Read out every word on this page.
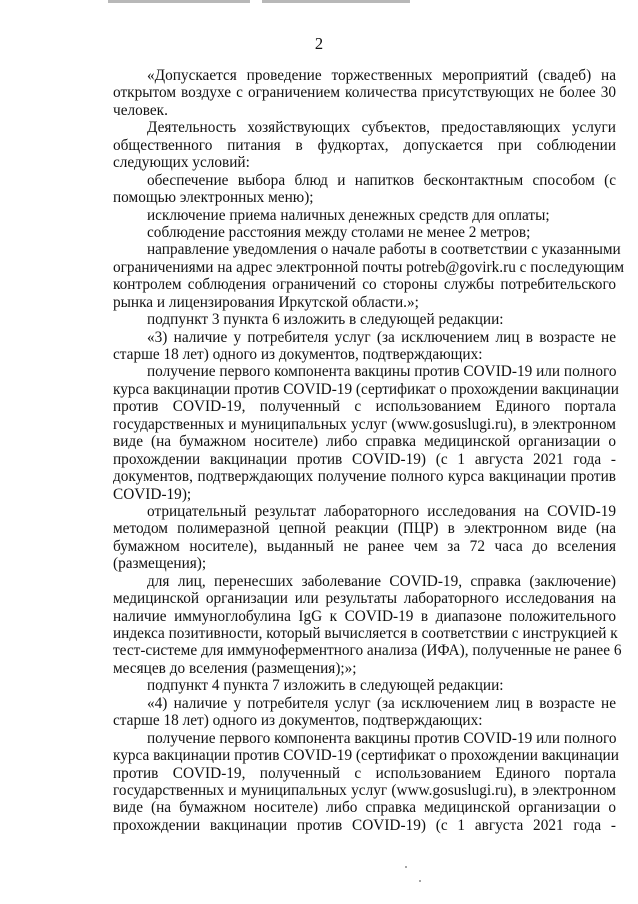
2
«Допускается проведение торжественных мероприятий (свадеб) на
открытом воздухе с ограничением количества присутствующих не более 30
человек.
Деятельность хозяйствующих субъектов, предоставляющих услуги
общественного питания в фудкортах, допускается при соблюдении
следующих условий:
обеспечение выбора блюд и напитков бесконтактным способом (с
помощью электронных меню);
исключение приема наличных денежных средств для оплаты;
соблюдение расстояния между столами не менее 2 метров;
направление уведомления о начале работы в соответствии с указанными
ограничениями на адрес электронной почты potreb@govirk.ru с последующим
контролем соблюдения ограничений со стороны службы потребительского
рынка и лицензирования Иркутской области.»;
подпункт 3 пункта 6 изложить в следующей редакции:
«3) наличие у потребителя услуг (за исключением лиц в возрасте не
старше 18 лет) одного из документов, подтверждающих:
получение первого компонента вакцины против COVID-19 или полного
курса вакцинации против COVID-19 (сертификат о прохождении вакцинации
против COVID-19, полученный с использованием Единого портала
государственных и муниципальных услуг (www.gosuslugi.ru), в электронном
виде (на бумажном носителе) либо справка медицинской организации о
прохождении вакцинации против COVID-19) (с 1 августа 2021 года -
документов, подтверждающих получение полного курса вакцинации против
COVID-19);
отрицательный результат лабораторного исследования на COVID-19
методом полимеразной цепной реакции (ПЦР) в электронном виде (на
бумажном носителе), выданный не ранее чем за 72 часа до вселения
(размещения);
для лиц, перенесших заболевание COVID-19, справка (заключение)
медицинской организации или результаты лабораторного исследования на
наличие иммуноглобулина IgG к COVID-19 в диапазоне положительного
индекса позитивности, который вычисляется в соответствии с инструкцией к
тест-системе для иммуноферментного анализа (ИФА), полученные не ранее 6
месяцев до вселения (размещения);»;
подпункт 4 пункта 7 изложить в следующей редакции:
«4) наличие у потребителя услуг (за исключением лиц в возрасте не
старше 18 лет) одного из документов, подтверждающих:
получение первого компонента вакцины против COVID-19 или полного
курса вакцинации против COVID-19 (сертификат о прохождении вакцинации
против COVID-19, полученный с использованием Единого портала
государственных и муниципальных услуг (www.gosuslugi.ru), в электронном
виде (на бумажном носителе) либо справка медицинской организации о
прохождении вакцинации против COVID-19) (с 1 августа 2021 года -
